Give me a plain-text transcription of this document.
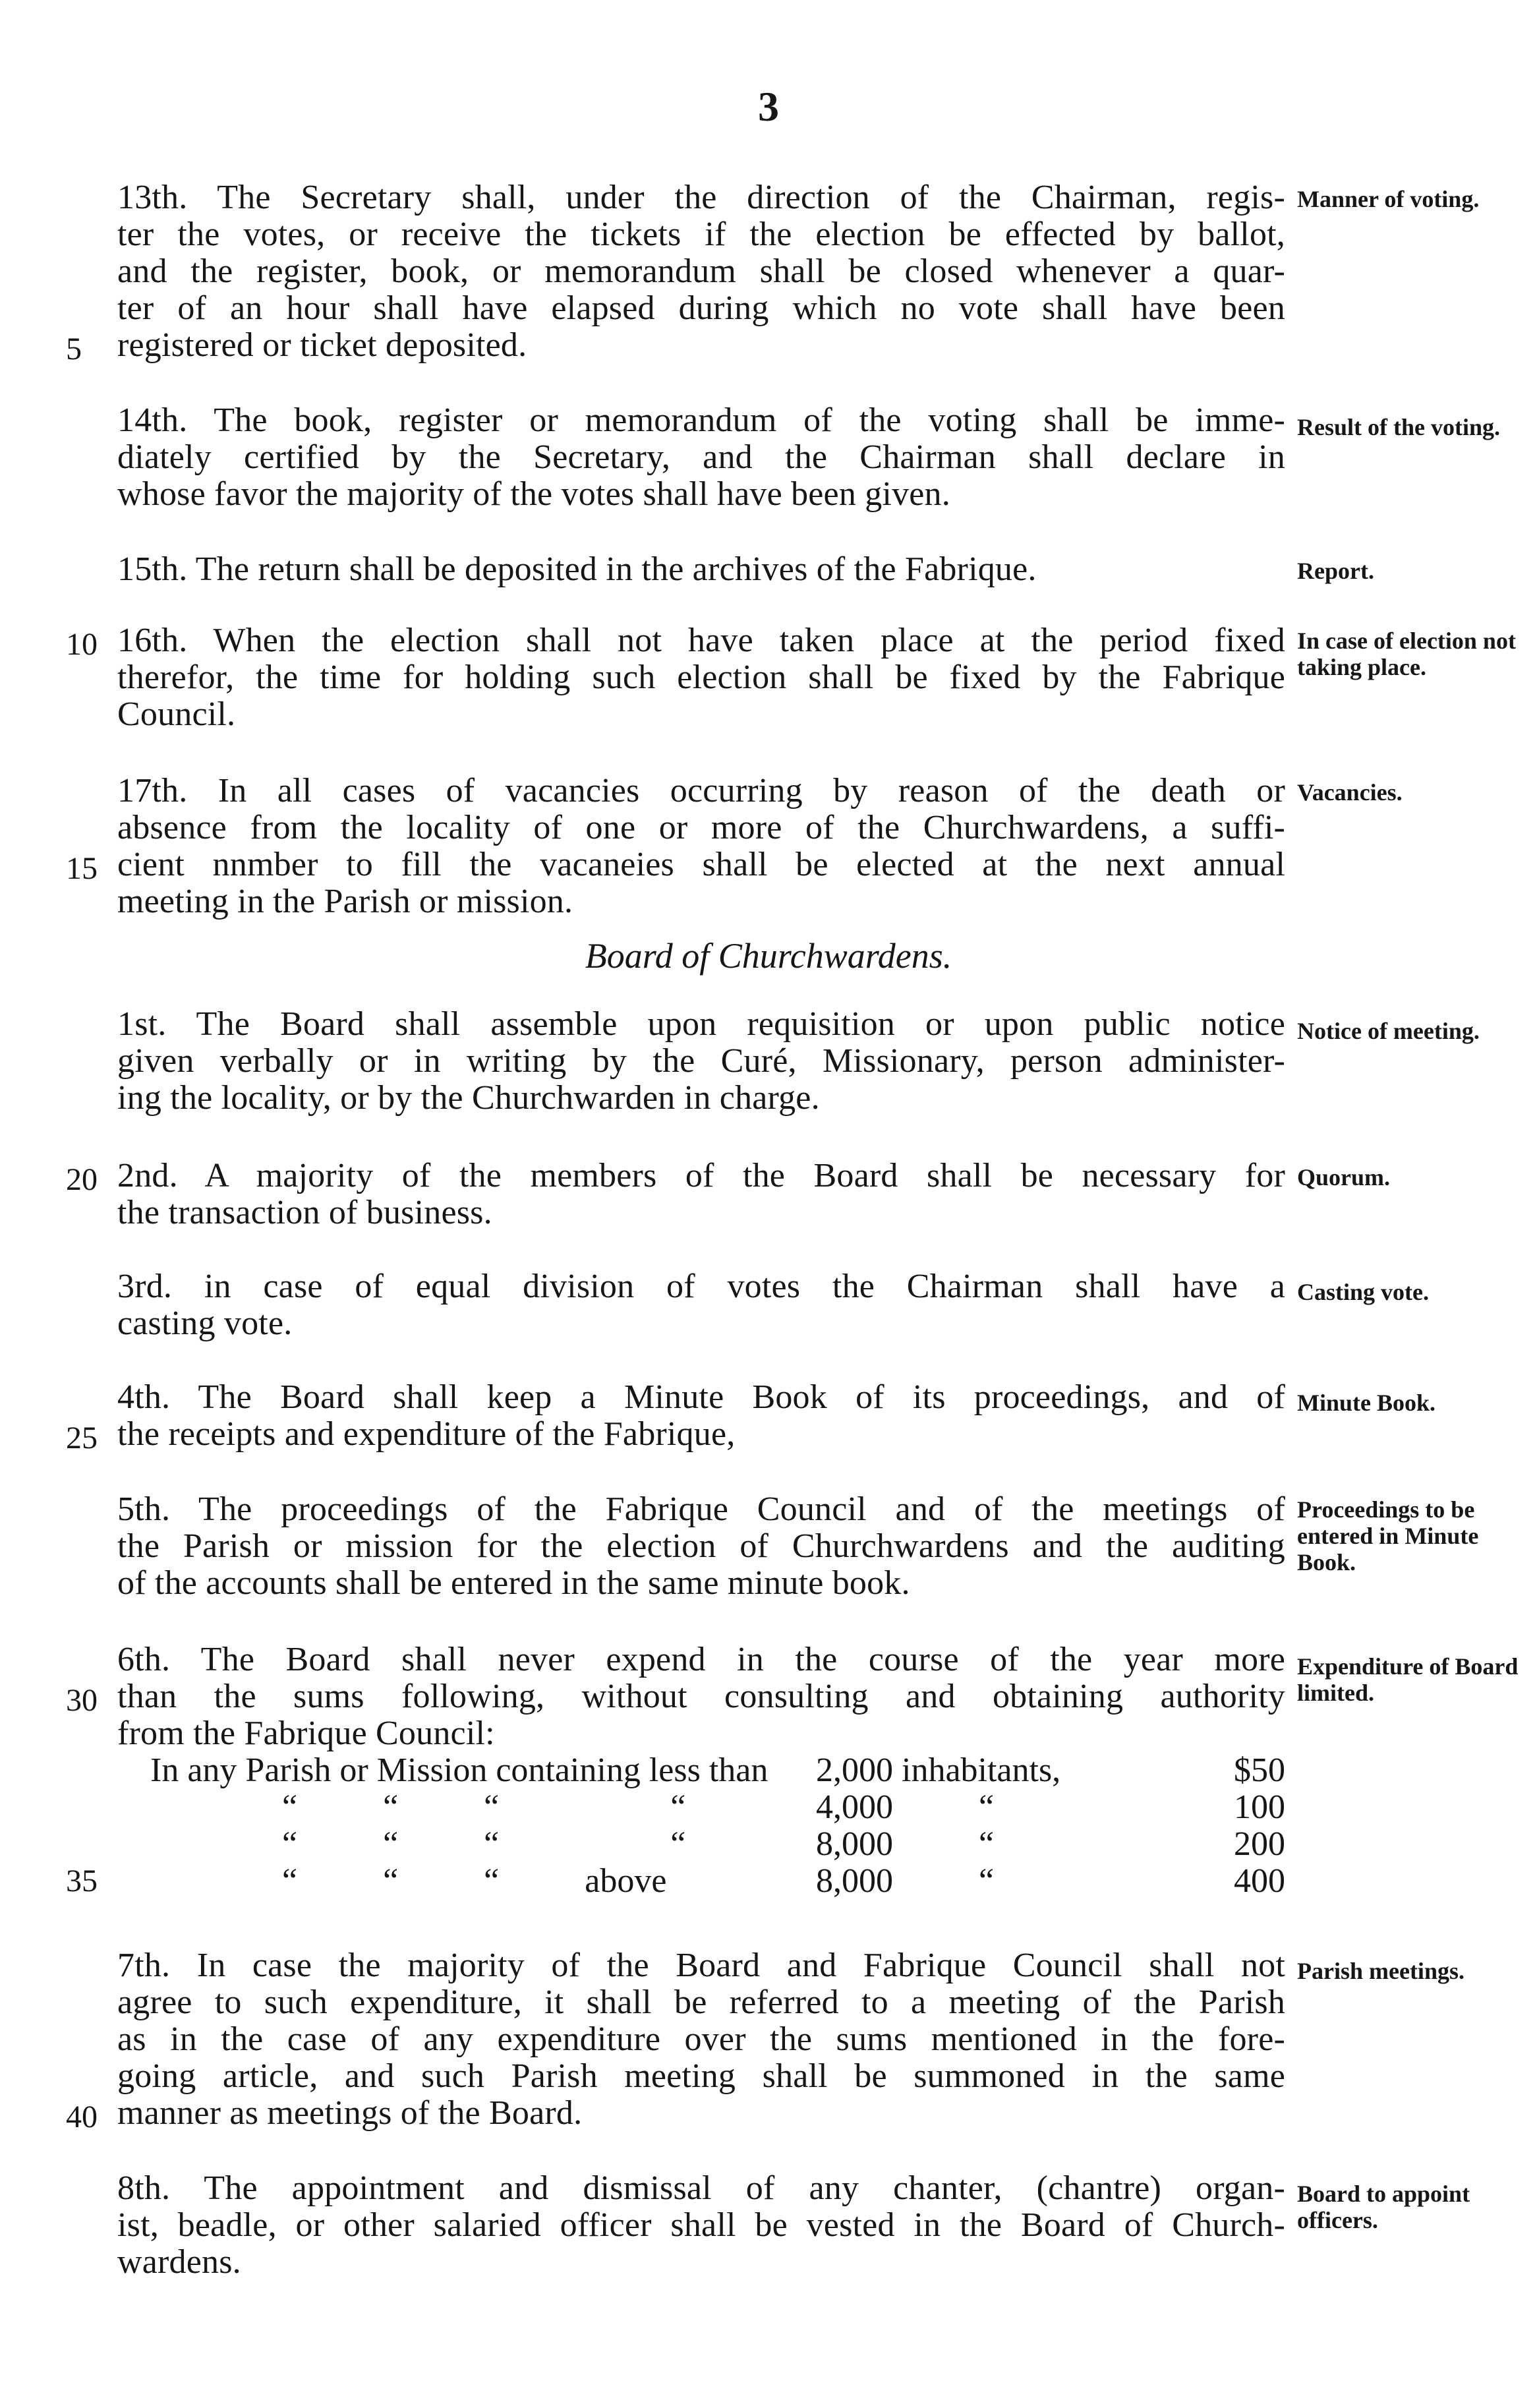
3
13th. The Secretary shall, under the direction of the Chairman, regis-
ter the votes, or receive the tickets if the election be effected by ballot,
and the register, book, or memorandum shall be closed whenever a quar-
ter of an hour shall have elapsed during which no vote shall have been
registered or ticket deposited.
Manner of voting.
5
14th. The book, register or memorandum of the voting shall be imme-
diately certified by the Secretary, and the Chairman shall declare in
whose favor the majority of the votes shall have been given.
Result of the voting.
15th. The return shall be deposited in the archives of the Fabrique.	Report.
10 16th. When the election shall not have taken place at the period fixed
therefor, the time for holding such election shall be fixed by the Fabrique
Council.
In case of election not taking place.
17th. In all cases of vacancies occurring by reason of the death or
absence from the locality of one or more of the Churchwardens, a suffi-
cient nnmber to fill the vacaneies shall be elected at the next annual
meeting in the Parish or mission.
Vacancies.
15
Board of Churchwardens.
1st. The Board shall assemble upon requisition or upon public notice
given verbally or in writing by the Curé, Missionary, person administer-
ing the locality, or by the Churchwarden in charge.
Notice of meeting.
20 2nd. A majority of the members of the Board shall be necessary for
the transaction of business.
Quorum.
3rd. in case of equal division of votes the Chairman shall have a
casting vote.
Casting vote.
4th. The Board shall keep a Minute Book of its proceedings, and of
the receipts and expenditure of the Fabrique,
Minute Book.
25
5th. The proceedings of the Fabrique Council and of the meetings of
the Parish or mission for the election of Churchwardens and the auditing
of the accounts shall be entered in the same minute book.
Proceedings to be entered in Minute Book.
6th. The Board shall never expend in the course of the year more
than the sums following, without consulting and obtaining authority
from the Fabrique Council:
Expenditure of Board limited.
30
In any Parish or Mission containing less than 2,000 inhabitants,	$50
“          “          “                    “	4,000          “	100
“          “          “                    “	8,000          “	200
“          “          “          above	8,000          “	400
35
7th. In case the majority of the Board and Fabrique Council shall not
agree to such expenditure, it shall be referred to a meeting of the Parish
as in the case of any expenditure over the sums mentioned in the fore-
going article, and such Parish meeting shall be summoned in the same
manner as meetings of the Board.
Parish meetings.
40
8th. The appointment and dismissal of any chanter, (chantre) organ-
ist, beadle, or other salaried officer shall be vested in the Board of Church-
wardens.
Board to appoint officers.
